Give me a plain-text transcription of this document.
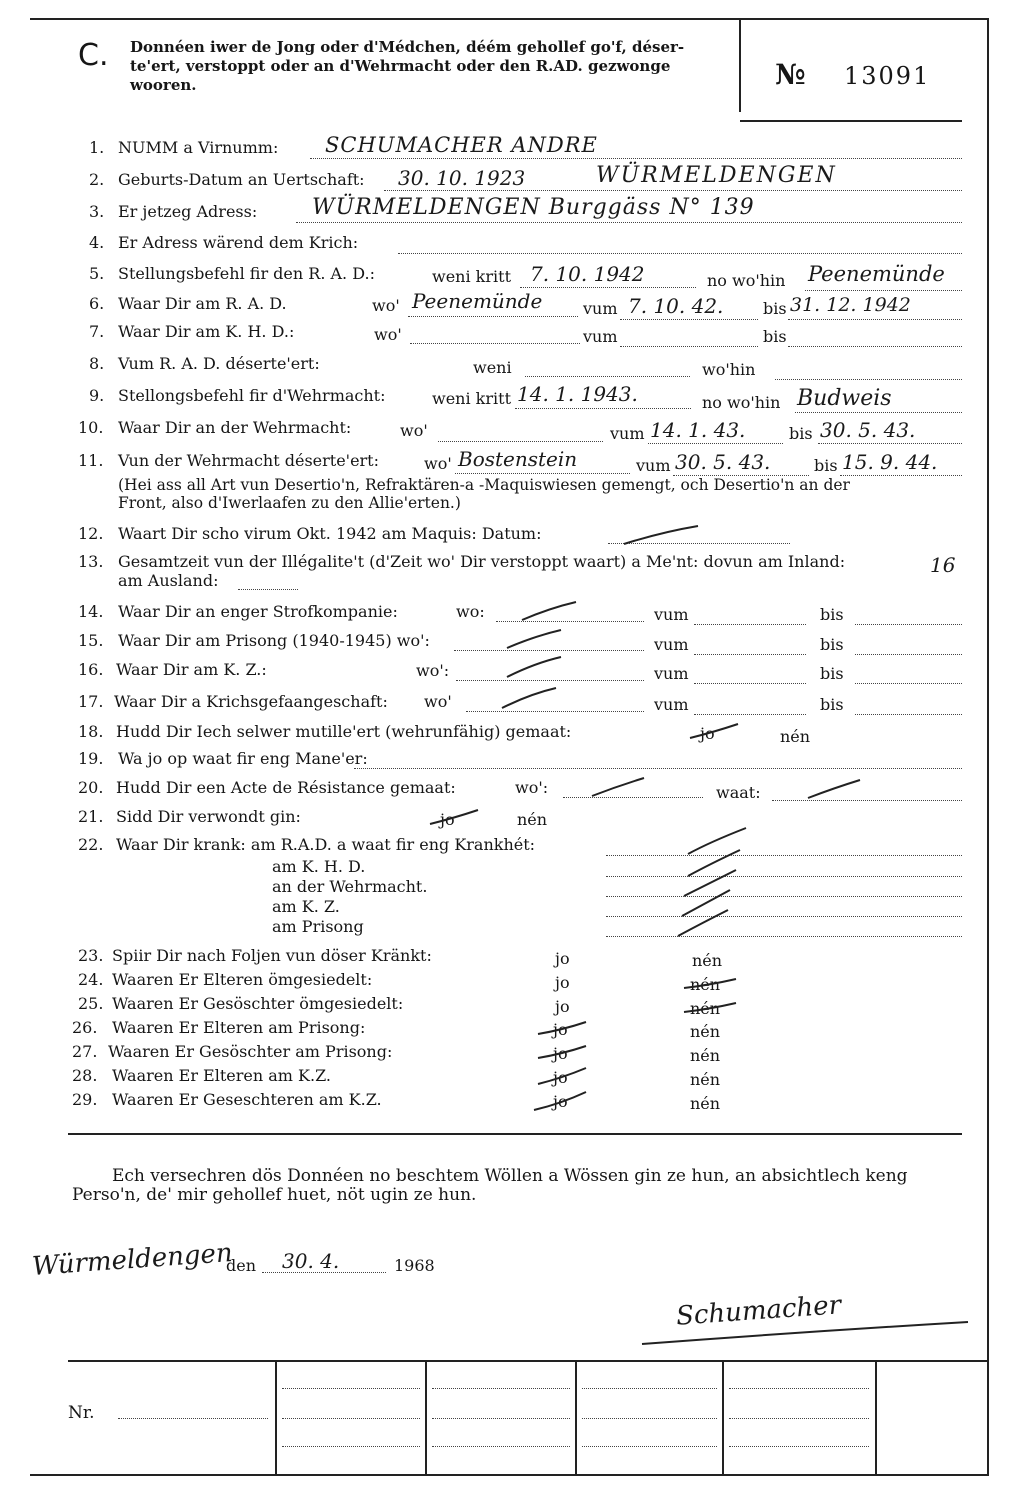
C. Donnéen iwer de Jong oder d'Médchen, déém gehollef go'f, déser-
te'ert, verstoppt oder an d'Wehrmacht oder den R.AD. gezwonge
wooren.	№ 13091
1. NUMM a Virnumm: SCHUMACHER ANDRE
2. Geburts-Datum an Uertschaft: 30. 10. 1923	WÜRMELDENGEN
3. Er jetzeg Adress: WÜRMELDENGEN Burggäss N° 139
4. Er Adress wärend dem Krich:
5. Stellungsbefehl fir den R. A. D.:	weni kritt 7. 10. 1942	no wo'hin Peenemünde
6. Waar Dir am R. A. D.	wo' Peenemünde	vum 7. 10. 42. bis 31. 12. 1942
7. Waar Dir am K. H. D.:	wo'	vum	bis
8. Vum R. A. D. déserte'ert:	weni	wo'hin
9. Stellongsbefehl fir d'Wehrmacht:	weni kritt 14. 1. 1943.	no wo'hin Budweis
10. Waar Dir an der Wehrmacht:	wo'	vum 14. 1. 43.	bis 30. 5. 43.
11. Vun der Wehrmacht déserte'ert:	wo' Bostenstein	vum 30. 5. 43.	bis 15. 9. 44.
(Hei ass all Art vun Desertio'n, Refraktären-a -Maquiswiesen gemengt, och Desertio'n an der
Front, also d'Iwerlaafen zu den Allie'erten.)
12. Waart Dir scho virum Okt. 1942 am Maquis: Datum:
13. Gesamtzeit vun der Illégalite't (d'Zeit wo' Dir verstoppt waart) a Me'nt: dovun am Inland:	16
am Ausland:
14. Waar Dir an enger Strofkompanie:	wo:	vum	bis
15. Waar Dir am Prisong (1940-1945) wo':	vum	bis
16. Waar Dir am K. Z.:	wo':	vum	bis
17. Waar Dir a Krichsgefaangeschaft: wo'	vum	bis
18. Hudd Dir Iech selwer mutille'ert (wehrunfähig) gemaat:	jo	nén
19. Wa jo op waat fir eng Mane'er:
20. Hudd Dir een Acte de Résistance gemaat:	wo':	waat:
21. Sidd Dir verwondt gin:	jo	nén
22. Waar Dir krank: am R.A.D. a waat fir eng Krankhét:
am K. H. D.
an der Wehrmacht.
am K. Z.
am Prisong
23. Spiir Dir nach Foljen vun döser Kränkt:	jo	nén
24. Waaren Er Elteren ömgesiedelt:	jo	nén
25. Waaren Er Gesöschter ömgesiedelt:	jo	nén
26. Waaren Er Elteren am Prisong:	jo	nén
27. Waaren Er Gesöschter am Prisong:	jo	nén
28. Waaren Er Elteren am K.Z.	jo	nén
29. Waaren Er Geseschteren am K.Z.	jo	nén
Ech versechren dös Donnéen no beschtem Wöllen a Wössen gin ze hun, an absichtlech keng
Perso'n, de' mir gehollef huet, nöt ugin ze hun.
Würmeldengen
den 30. 4.	1968
Schumacher
Nr.
